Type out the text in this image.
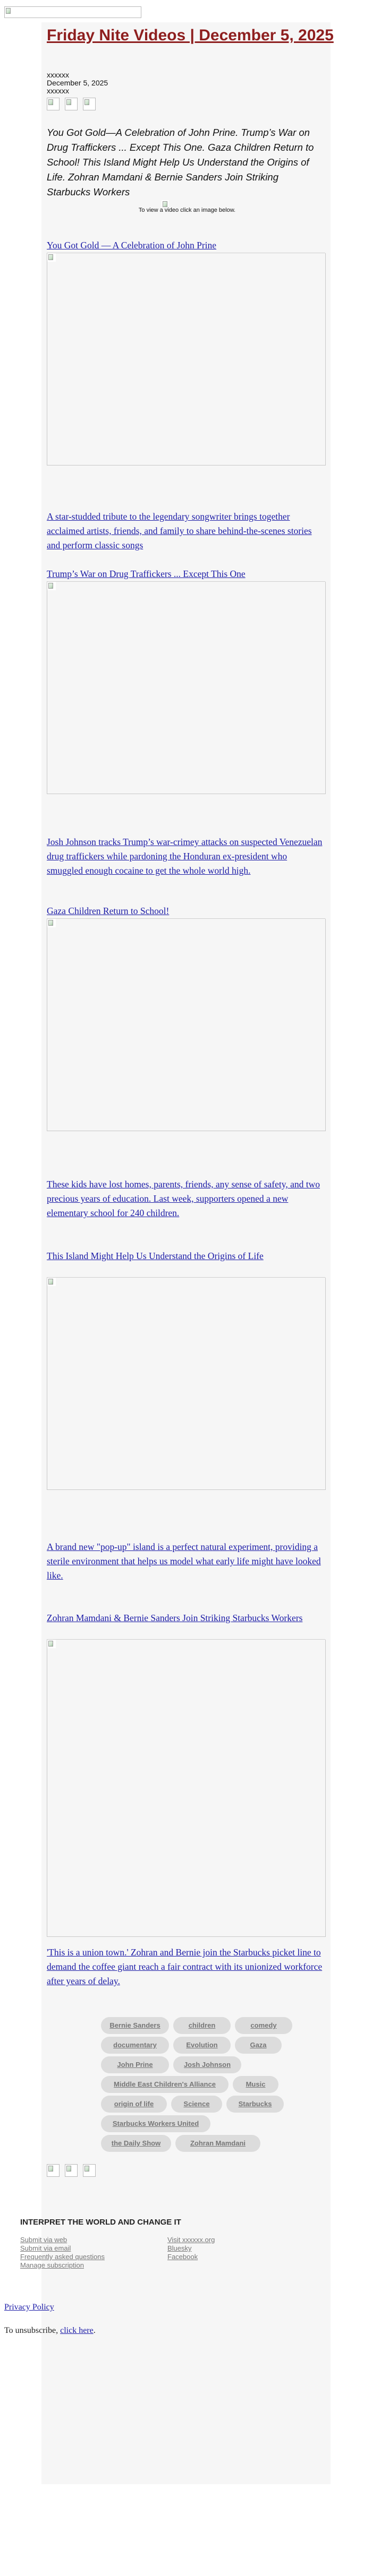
Friday Nite Videos | December 5, 2025
xxxxxx
December 5, 2025
xxxxxx

You Got Gold—A Celebration of John Prine. Trump’s War on Drug Traffickers ... Except This One. Gaza Children Return to School! This Island Might Help Us Understand the Origins of Life. Zohran Mamdani & Bernie Sanders Join Striking Starbucks Workers

To view a video click an image below.
You Got Gold — A Celebration of John Prine
A star-studded tribute to the legendary songwriter brings together acclaimed artists, friends, and family to share behind-the-scenes stories and perform classic songs
Trump’s War on Drug Traffickers ... Except This One
Josh Johnson tracks Trump’s war-crimey attacks on suspected Venezuelan drug traffickers while pardoning the Honduran ex-president who smuggled enough cocaine to get the whole world high.
Gaza Children Return to School!
These kids have lost homes, parents, friends, any sense of safety, and two precious years of education. Last week, supporters opened a new elementary school for 240 children.
This Island Might Help Us Understand the Origins of Life
A brand new "pop-up" island is a perfect natural experiment, providing a sterile environment that helps us model what early life might have looked like.
Zohran Mamdani & Bernie Sanders Join Striking Starbucks Workers
'This is a union town.' Zohran and Bernie join the Starbucks picket line to demand the coffee giant reach a fair contract with its unionized workforce after years of delay.
Bernie Sanders	children	comedy
documentary	Evolution	Gaza
John Prine	Josh Johnson
Middle East Children's Alliance	Music
origin of life	Science	Starbucks
Starbucks Workers United
the Daily Show	Zohran Mamdani

INTERPRET THE WORLD AND CHANGE IT

Submit via web
Submit via email
Frequently asked questions
Manage subscription
Visit xxxxxx.org
Bluesky
Facebook
Privacy Policy
To unsubscribe, click here.
